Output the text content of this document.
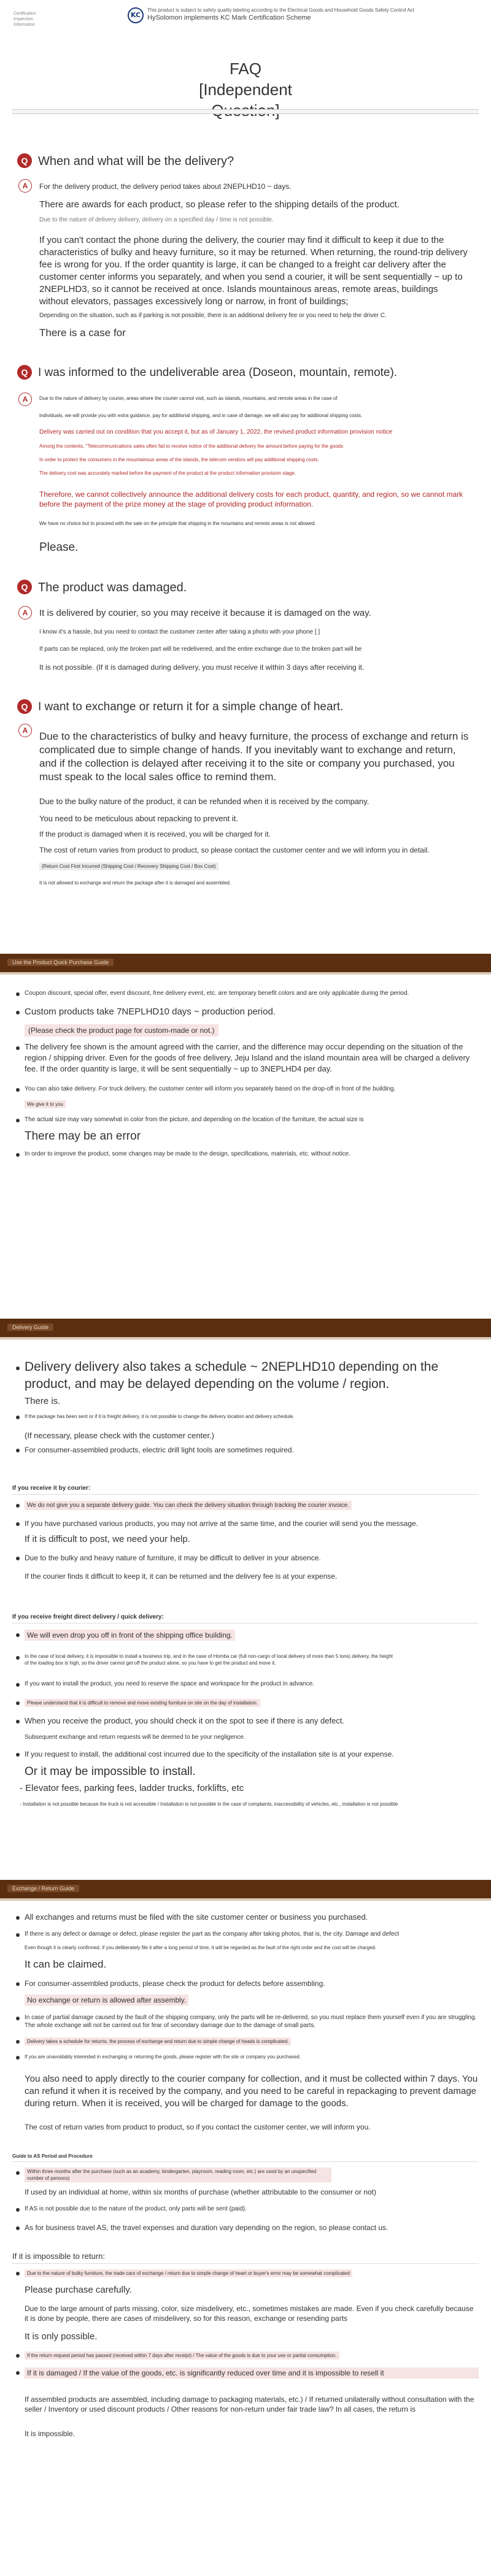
Certification
Inspection
Information
KC
This product is subject to safety quality labeling according to the Electrical Goods and Household Goods Safety Control Act
HySolomon implements KC Mark Certification Scheme
FAQ [Independent
Q When and what will be the delivery?
A	For the delivery product, the delivery period takes about 2NEPLHD10 ~ days.
There are awards for each product, so please refer to the shipping details of the product.
Due to the nature of delivery delivery, delivery on a specified day / time is not possible.
If you can't contact the phone during the delivery, the courier may find it difficult to keep it due to the characteristics of bulky and heavy furniture, so it may be returned. When returning, the round-trip delivery fee is wrong for you. If the order quantity is large, it can be changed to a freight car delivery after the customer center informs you separately, and when you send a courier, it will be sent sequentially ~ up to 2NEPLHD3, so it cannot be received at once. Islands mountainous areas, remote areas, buildings without elevators, passages excessively long or narrow, in front of buildings;
Depending on the situation, such as if parking is not possible, there is an additional delivery fee or you need to help the driver C.
There is a case for
Q I was informed to the undeliverable area (Doseon, mountain, remote).
A	Due to the nature of delivery by courier, areas where the courier cannot visit, such as islands, mountains, and remote areas in the case of
individuals, we will provide you with extra guidance, pay for additional shipping, and in case of damage, we will also pay for additional shipping costs.
Delivery was carried out on condition that you accept it, but as of January 1, 2022, the revised product information provision notice
Among the contents, "Telecommunications sales often fail to receive notice of the additional delivery fee amount before paying for the goods
In order to protect the consumers in the mountainous areas of the islands, the telecom vendors will pay additional shipping costs.
The delivery cost was accurately marked before the payment of the product at the product information provision stage.
Therefore, we cannot collectively announce the additional delivery costs for each product, quantity, and region, so we cannot mark before the payment of the prize money at the stage of providing product information.
We have no choice but to proceed with the sale on the principle that shipping in the mountains and remote areas is not allowed.
Please.
Q The product was damaged.
A	It is delivered by courier, so you may receive it because it is damaged on the way.
I know it's a hassle, but you need to contact the customer center after taking a photo with your phone [ ]
If parts can be replaced, only the broken part will be redelivered, and the entire exchange due to the broken part will be
It is not possible. (If it is damaged during delivery, you must receive it within 3 days after receiving it.
Q I want to exchange or return it for a simple change of heart.
A	Due to the characteristics of bulky and heavy furniture, the process of exchange and return is complicated due to simple change of hands. If you inevitably want to exchange and return, and if the collection is delayed after receiving it to the site or company you purchased, you must speak to the local sales office to remind them.
Due to the bulky nature of the product, it can be refunded when it is received by the company.
You need to be meticulous about repacking to prevent it.
If the product is damaged when it is received, you will be charged for it.
The cost of return varies from product to product, so please contact the customer center and we will inform you in detail.
(Return Cost First Incurred (Shipping Cost / Recovery Shipping Cost / Box Cost)
It is not allowed to exchange and return the package after it is damaged and assembled.
Use the Product Quick Purchase Guide
Coupon discount, special offer, event discount, free delivery event, etc. are temporary benefit colors and are only applicable during the period.
Custom products take 7NEPLHD10 days ~ production period.
(Please check the product page for custom-made or not.)
The delivery fee shown is the amount agreed with the carrier, and the difference may occur depending on the situation of the region / shipping driver. Even for the goods of free delivery, Jeju Island and the island mountain area will be charged a delivery fee. If the order quantity is large, it will be sent sequentially ~ up to 3NEPLHD4 per day.
You can also take delivery. For truck delivery, the customer center will inform you separately based on the drop-off in front of the building.
We give it to you
The actual size may vary somewhat in color from the picture, and depending on the location of the furniture, the actual size is
There may be an error
In order to improve the product, some changes may be made to the design, specifications, materials, etc. without notice.
Delivery Guide
Delivery delivery also takes a schedule ~ 2NEPLHD10 depending on the product, and may be delayed depending on the volume / region.
There is.
If the package has been sent or if it is freight delivery, it is not possible to change the delivery location and delivery schedule.
(If necessary, please check with the customer center.)
For consumer-assembled products, electric drill light tools are sometimes required.
If you receive it by courier:
We do not give you a separate delivery guide. You can check the delivery situation through tracking the courier invoice.
If you have purchased various products, you may not arrive at the same time, and the courier will send you the message.
If it is difficult to post, we need your help.
Due to the bulky and heavy nature of furniture, it may be difficult to deliver in your absence.
If the courier finds it difficult to keep it, it can be returned and the delivery fee is at your expense.
If you receive freight direct delivery / quick delivery:
We will even drop you off in front of the shipping office building.
In the case of local delivery, it is impossible to install a business trip, and in the case of Homba car (full non-cargo of local delivery of more than 5 tons) delivery, the height of the loading box is high, so the driver cannot get off the product alone, so you have to get the product and move it.
If you want to install the product, you need to reserve the space and workspace for the product in advance.
Please understand that it is difficult to remove and move existing furniture on site on the day of installation.
When you receive the product, you should check it on the spot to see if there is any defect.
Subsequent exchange and return requests will be deemed to be your negligence.
If you request to install, the additional cost incurred due to the specificity of the installation site is at your expense.
Or it may be impossible to install.
- Elevator fees, parking fees, ladder trucks, forklifts, etc
- Installation is not possible because the truck is not accessible / Installation is not possible in the case of complaints, inaccessibility of vehicles, etc., installation is not possible
Exchange / Return Guide
All exchanges and returns must be filed with the site customer center or business you purchased.
If there is any defect or damage or defect, please register the part as the company after taking photos, that is, the city. Damage and defect
Even though it is clearly confirmed, if you deliberately file it after a long period of time, it will be regarded as the fault of the right order and the cost will be charged.
It can be claimed.
For consumer-assembled products, please check the product for defects before assembling.
No exchange or return is allowed after assembly.
In case of partial damage caused by the fault of the shipping company, only the parts will be re-delivered, so you must replace them yourself even if you are struggling. The whole exchange will not be carried out for fear of secondary damage due to the damage of small parts.
Delivery takes a schedule for returns, the process of exchange and return due to simple change of heads is complicated.
If you are unavoidably interested in exchanging or returning the goods, please register with the site or company you purchased.
You also need to apply directly to the courier company for collection, and it must be collected within 7 days. You can refund it when it is received by the company, and you need to be careful in repackaging to prevent damage during return. When it is received, you will be charged for damage to the goods.
The cost of return varies from product to product, so if you contact the customer center, we will inform you.
Guide to AS Period and Procedure
Within three months after the purchase (such as an academy, kindergarten, playroom, reading room, etc.) are used by an unspecified number of persons)
If used by an individual at home, within six months of purchase (whether attributable to the consumer or not)
If AS is not possible due to the nature of the product, only parts will be sent (paid).
As for business travel AS, the travel expenses and duration vary depending on the region, so please contact us.
If it is impossible to return:
Due to the nature of bulky furniture, the trade cars of exchange / return due to simple change of heart or buyer's error may be somewhat complicated
Please purchase carefully.
Due to the large amount of parts missing, color, size misdelivery, etc., sometimes mistakes are made. Even if you check carefully because it is done by people, there are cases of misdelivery, so for this reason, exchange or resending parts
It is only possible.
If the return request period has passed (received within 7 days after receipt) / The value of the goods is due to your use or partial consumption.
If it is damaged / If the value of the goods, etc. is significantly reduced over time and it is impossible to resell it
If assembled products are assembled, including damage to packaging materials, etc.) / If returned unilaterally without consultation with the seller / Inventory or used discount products / Other reasons for non-return under fair trade law? In all cases, the return is
It is impossible.
